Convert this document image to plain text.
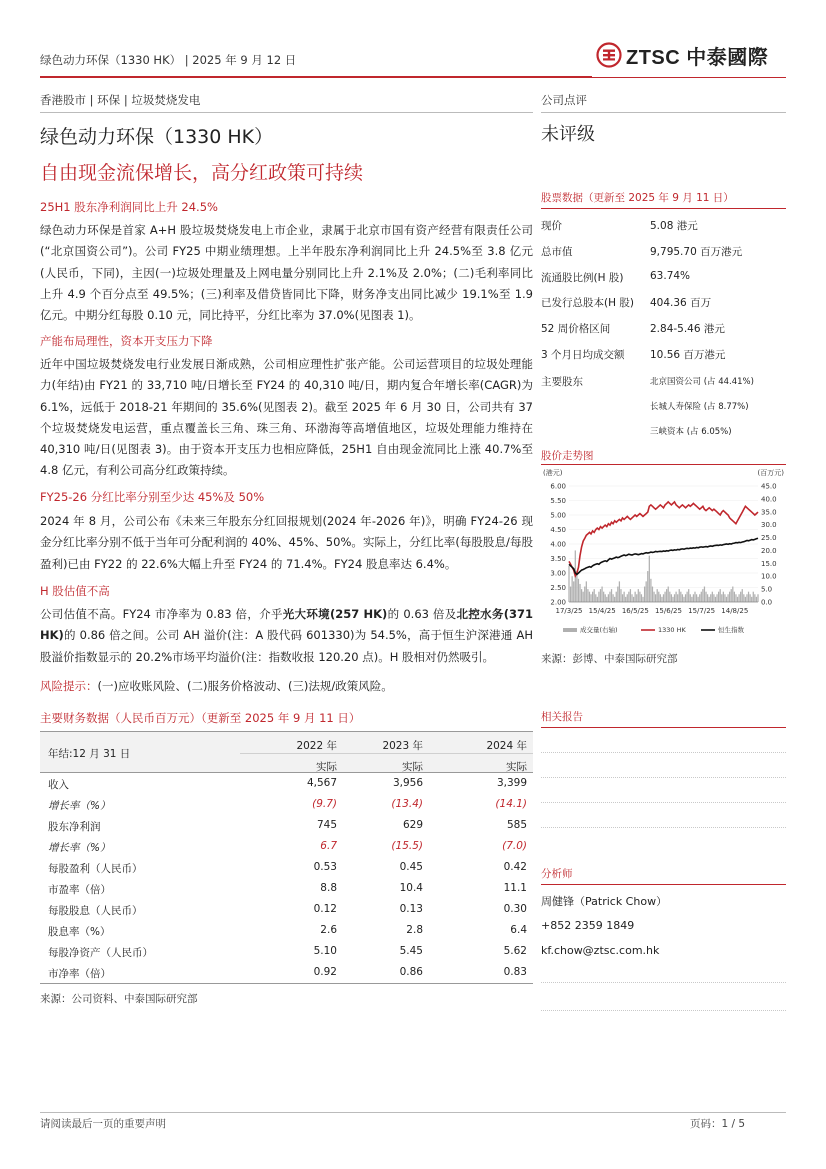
绿色动力环保（1330 HK） | 2025 年 9 月 12 日	ZTSC 中泰國際
香港股市 | 环保 | 垃圾焚烧发电	公司点评
绿色动力环保（1330 HK）
自由现金流保增长，高分红政策可持续
未评级
25H1 股东净利润同比上升 24.5%
绿色动力环保是首家 A+H 股垃圾焚烧发电上市企业，隶属于北京市国有资产经营有限责任公司(“北京国资公司”)。公司 FY25 中期业绩理想。上半年股东净利润同比上升 24.5%至 3.8 亿元(人民币，下同)，主因(一)垃圾处理量及上网电量分别同比上升 2.1%及 2.0%；(二)毛利率同比上升 4.9 个百分点至 49.5%；(三)利率及借贷皆同比下降，财务净支出同比减少 19.1%至 1.9 亿元。中期分红每股 0.10 元，同比持平，分红比率为 37.0%(见图表 1)。
产能布局理性，资本开支压力下降
近年中国垃圾焚烧发电行业发展日渐成熟，公司相应理性扩张产能。公司运营项目的垃圾处理能力(年结)由 FY21 的 33,710 吨/日增长至 FY24 的 40,310 吨/日，期内复合年增长率(CAGR)为 6.1%，远低于 2018-21 年期间的 35.6%(见图表 2)。截至 2025 年 6 月 30 日，公司共有 37 个垃圾焚烧发电运营，重点覆盖长三角、珠三角、环渤海等高增值地区，垃圾处理能力维持在 40,310 吨/日(见图表 3)。由于资本开支压力也相应降低，25H1 自由现金流同比上涨 40.7%至 4.8 亿元，有利公司高分红政策持续。
FY25-26 分红比率分别至少达 45%及 50%
2024 年 8 月，公司公布《未来三年股东分红回报规划(2024 年-2026 年)》，明确 FY24-26 现金分红比率分别不低于当年可分配利润的 40%、45%、50%。实际上，分红比率(每股股息/每股盈利)已由 FY22 的 22.6%大幅上升至 FY24 的 71.4%。FY24 股息率达 6.4%。
H 股估值不高
公司估值不高。FY24 市净率为 0.83 倍，介乎光大环境(257 HK)的 0.63 倍及北控水务(371 HK)的 0.86 倍之间。公司 AH 溢价(注：A 股代码 601330)为 54.5%，高于恒生沪深港通 AH 股溢价指数显示的 20.2%市场平均溢价(注：指数收报 120.20 点)。H 股相对仍然吸引。
风险提示：(一)应收账风险、(二)服务价格波动、(三)法规/政策风险。
主要财务数据（人民币百万元）（更新至 2025 年 9 月 11 日）
年结:12 月 31 日
2022 年	2023 年	2024 年
实际	实际	实际
收入	4,567	3,956	3,399
增长率（%）	(9.7)	(13.4)	(14.1)
股东净利润	745	629	585
增长率（%）	6.7	(15.5)	(7.0)
每股盈利（人民币）	0.53	0.45	0.42
市盈率（倍）	8.8	10.4	11.1
每股股息（人民币）	0.12	0.13	0.30
股息率（%）	2.6	2.8	6.4
每股净资产（人民币）	5.10	5.45	5.62
市净率（倍）	0.92	0.86	0.83
来源：公司资料、中泰国际研究部
股票数据（更新至 2025 年 9 月 11 日）
现价	5.08 港元
总市值	9,795.70 百万港元
流通股比例(H 股)	63.74%
已发行总股本(H 股) 404.36 百万
52 周价格区间	2.84-5.46 港元
3 个月日均成交额 10.56 百万港元
主要股东	北京国资公司 (占 44.41%)
长城人寿保险 (占 8.77%)
三峡资本 (占 6.05%)
股价走势图
(港元)	(百万元)
6.00
5.50
5.00
4.50
4.00
3.50
3.00
2.50
2.00
45.0
40.0
35.0
30.0
25.0
20.0
15.0
10.0
5.0
0.0
17/3/25 15/4/25 16/5/25 15/6/25 15/7/25 14/8/25
成交量(右轴)	1330 HK	恒生指数
来源：彭博、中泰国际研究部
相关报告
分析师
周健锋（Patrick Chow）
+852 2359 1849
kf.chow@ztsc.com.hk
请阅读最后一页的重要声明	页码：1 / 5
